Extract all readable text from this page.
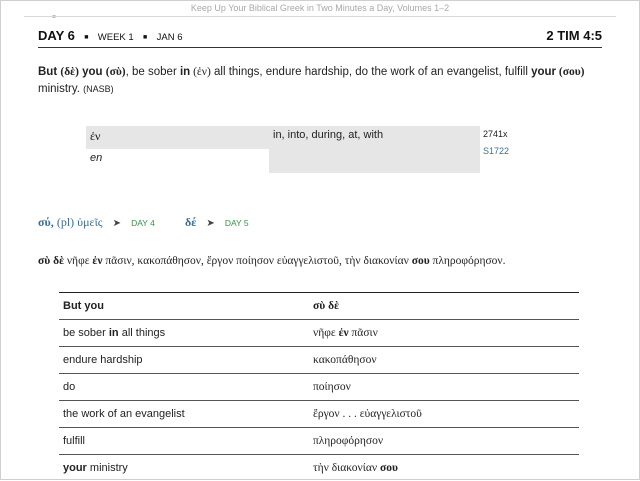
Keep Up Your Biblical Greek in Two Minutes a Day, Volumes 1–2
DAY 6 ■ WEEK 1 ■ JAN 6	2 TIM 4:5
But (δὲ) you (σὺ), be sober in (ἐν) all things, endure hardship, do the work of an evangelist, fulfill your (σου) ministry. (NASB)
ἐν	in, into, during, at, with
en
2741x
S1722
σύ, (pl) ὑμεῖς ➤ DAY 4	δέ ➤ DAY 5
σὺ δὲ νῆφε ἐν πᾶσιν, κακοπάθησον, ἔργον ποίησον εὐαγγελιστοῦ, τὴν διακονίαν σου πληροφόρησον.
But you	σὺ δὲ
be sober in all things	νῆφε ἐν πᾶσιν
endure hardship	κακοπάθησον
do	ποίησον
the work of an evangelist	ἔργον . . . εὐαγγελιστοῦ
fulfill	πληροφόρησον
your ministry	τὴν διακονίαν σου
